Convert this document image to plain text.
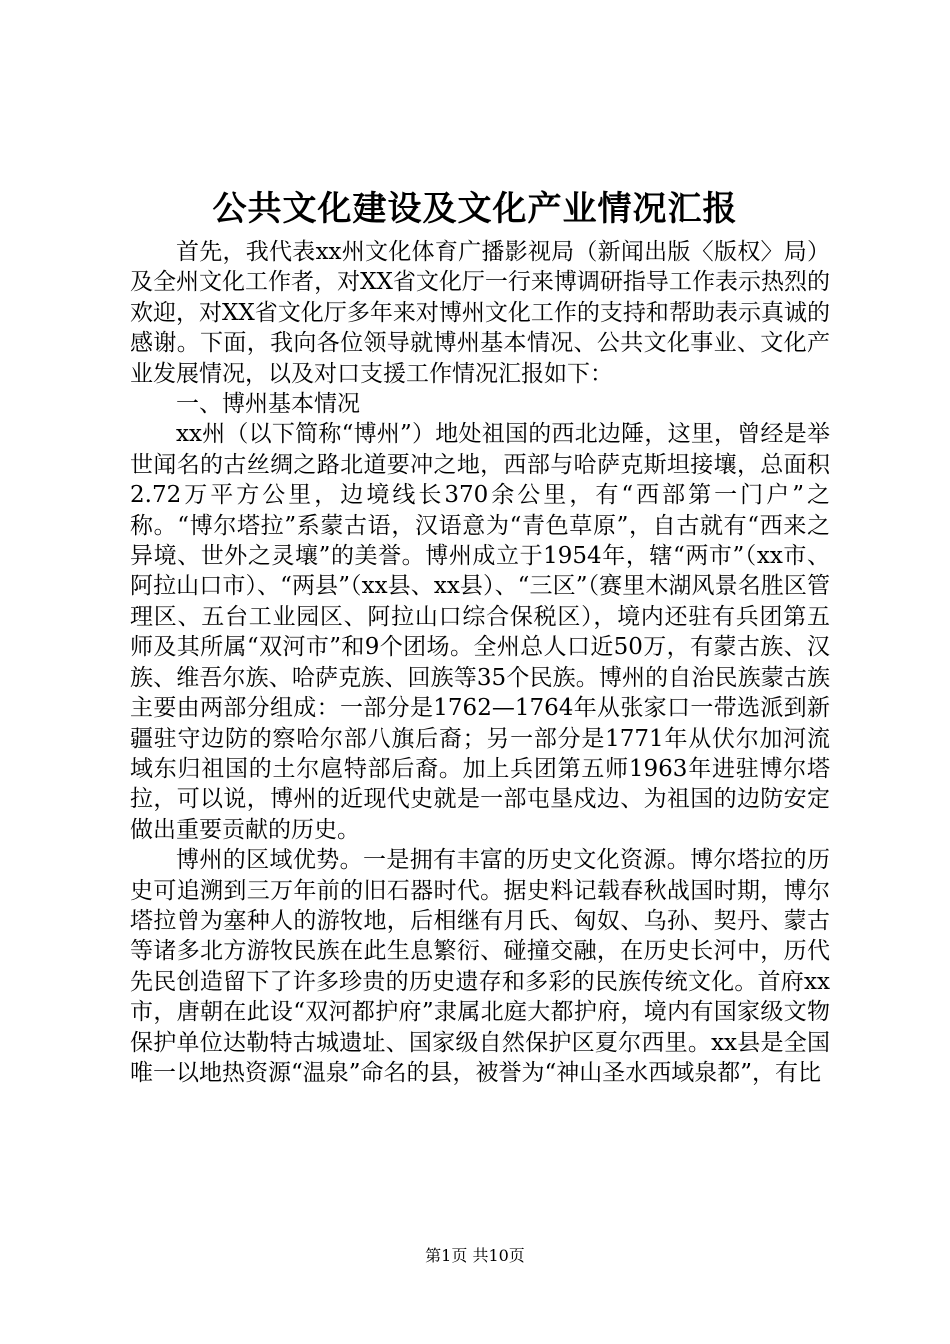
公共文化建设及文化产业情况汇报

首先，我代表xx州文化体育广播影视局（新闻出版〈版权〉局）及全州文化工作者，对XX省文化厅一行来博调研指导工作表示热烈的欢迎，对XX省文化厅多年来对博州文化工作的支持和帮助表示真诚的感谢。下面，我向各位领导就博州基本情况、公共文化事业、文化产业发展情况，以及对口支援工作情况汇报如下：

一、博州基本情况

xx州（以下简称“博州”）地处祖国的西北边陲，这里，曾经是举世闻名的古丝绸之路北道要冲之地，西部与哈萨克斯坦接壤，总面积2.72万平方公里，边境线长370余公里，有“西部第一门户”之称。“博尔塔拉”系蒙古语，汉语意为“青色草原”，自古就有“西来之异境、世外之灵壤”的美誉。博州成立于1954年，辖“两市”（xx市、阿拉山口市）、“两县”（xx县、xx县）、“三区”（赛里木湖风景名胜区管理区、五台工业园区、阿拉山口综合保税区），境内还驻有兵团第五师及其所属“双河市”和9个团场。全州总人口近50万，有蒙古族、汉族、维吾尔族、哈萨克族、回族等35个民族。博州的自治民族蒙古族主要由两部分组成：一部分是1762—1764年从张家口一带选派到新疆驻守边防的察哈尔部八旗后裔；另一部分是1771年从伏尔加河流域东归祖国的土尔扈特部后裔。加上兵团第五师1963年进驻博尔塔拉，可以说，博州的近现代史就是一部屯垦戍边、为祖国的边防安定做出重要贡献的历史。

博州的区域优势。一是拥有丰富的历史文化资源。博尔塔拉的历史可追溯到三万年前的旧石器时代。据史料记载春秋战国时期，博尔塔拉曾为塞种人的游牧地，后相继有月氏、匈奴、乌孙、契丹、蒙古等诸多北方游牧民族在此生息繁衍、碰撞交融，在历史长河中，历代先民创造留下了许多珍贵的历史遗存和多彩的民族传统文化。首府xx市，唐朝在此设“双河都护府”隶属北庭大都护府，境内有国家级文物保护单位达勒特古城遗址、国家级自然保护区夏尔西里。xx县是全国唯一以地热资源“温泉”命名的县，被誉为“神山圣水西域泉都”，有比

第1页 共10页
